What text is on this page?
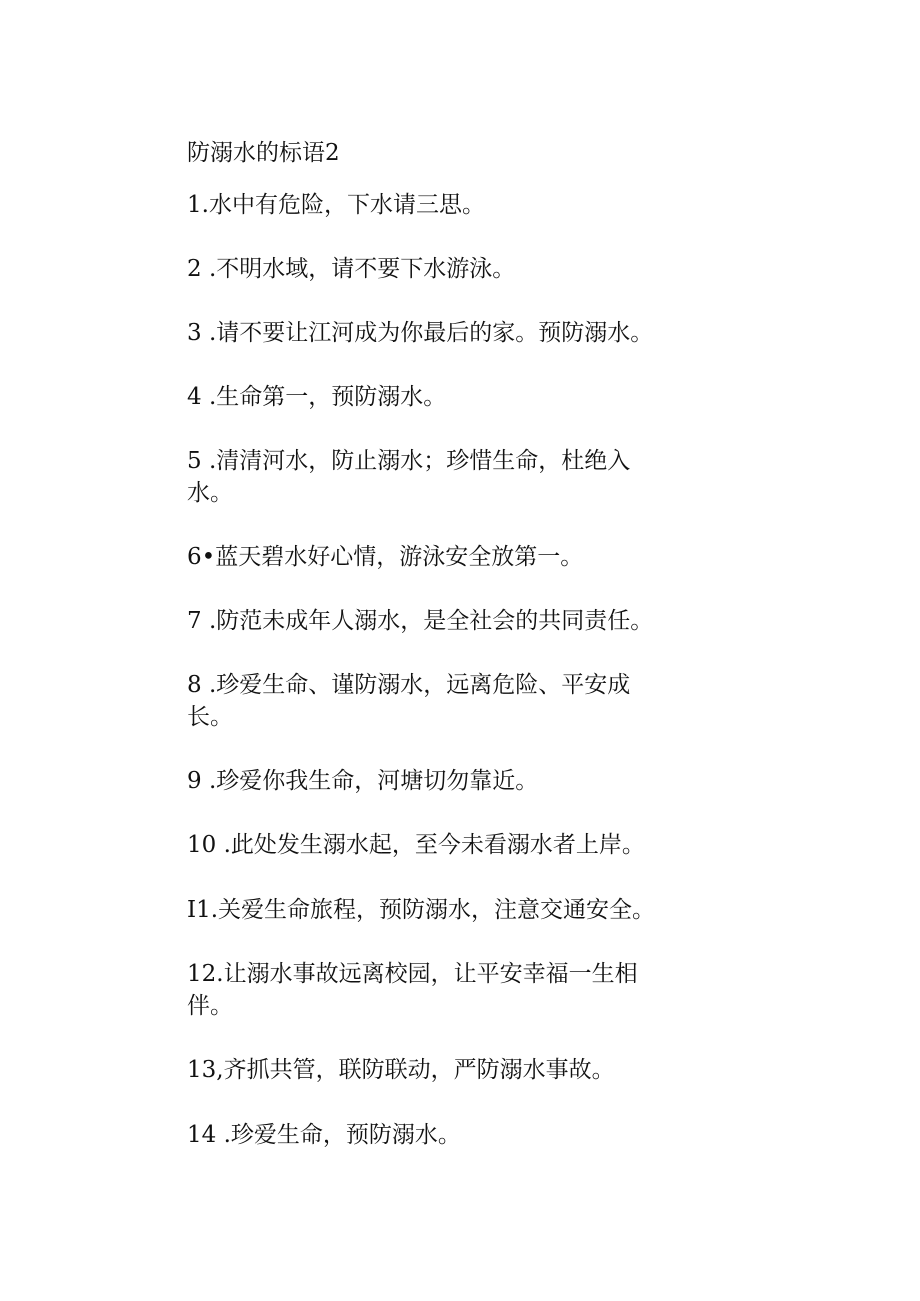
防溺水的标语2
1.水中有危险，下水请三思。
2 .不明水域，请不要下水游泳。
3 .请不要让江河成为你最后的家。预防溺水。
4 .生命第一，预防溺水。
5 .清清河水，防止溺水；珍惜生命，杜绝入
水。
6•蓝天碧水好心情，游泳安全放第一。
7 .防范未成年人溺水，是全社会的共同责任。
8 .珍爱生命、谨防溺水，远离危险、平安成
长。
9 .珍爱你我生命，河塘切勿靠近。
10 .此处发生溺水起，至今未看溺水者上岸。
I1.关爱生命旅程，预防溺水，注意交通安全。
12.让溺水事故远离校园，让平安幸福一生相
伴。
13,齐抓共管，联防联动，严防溺水事故。
14 .珍爱生命，预防溺水。
